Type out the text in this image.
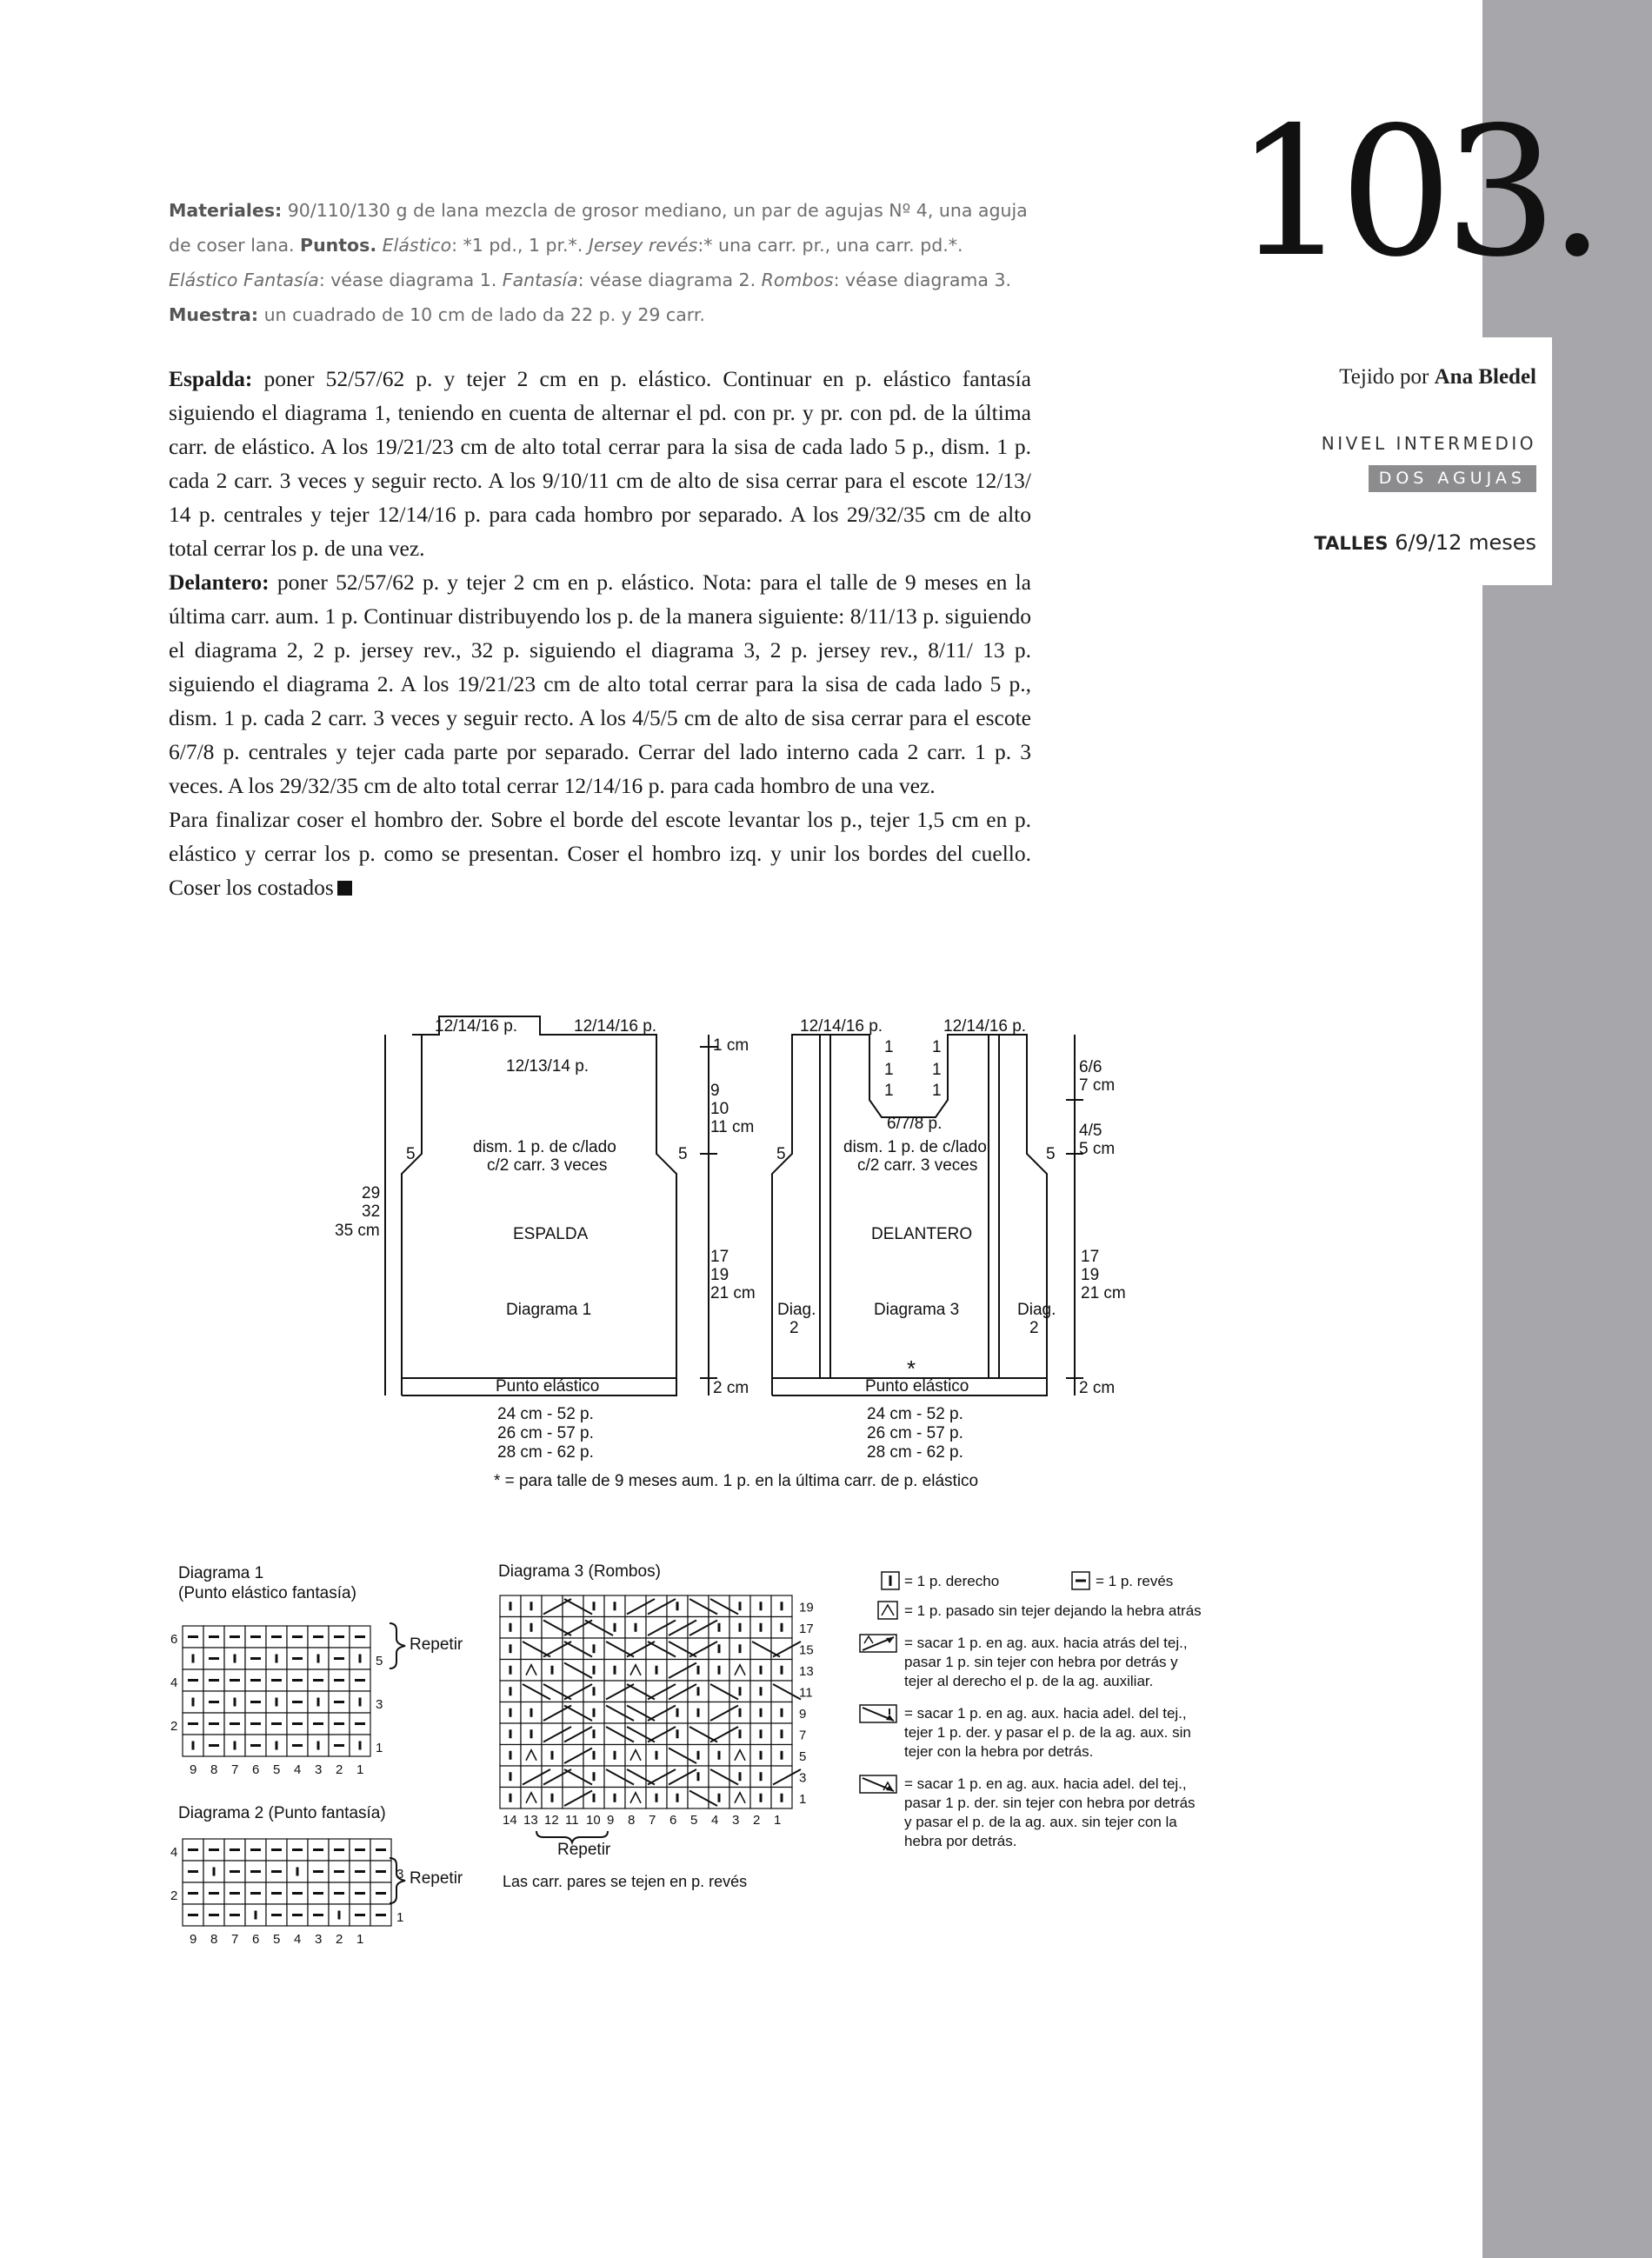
103.
Tejido por Ana Bledel
NIVEL INTERMEDIO
DOS AGUJAS
TALLES 6/9/12 meses
Materiales: 90/110/130 g de lana mezcla de grosor mediano, un par de agujas Nº 4, una aguja de coser lana. Puntos. Elástico: *1 pd., 1 pr.*. Jersey revés:* una carr. pr., una carr. pd.*. Elástico Fantasía: véase diagrama 1. Fantasía: véase diagrama 2. Rombos: véase diagrama 3. Muestra: un cuadrado de 10 cm de lado da 22 p. y 29 carr.
Espalda: poner 52/57/62 p. y tejer 2 cm en p. elástico. Continuar en p. elástico fantasía siguiendo el diagrama 1, teniendo en cuenta de alternar el pd. con pr. y pr. con pd. de la última carr. de elástico. A los 19/21/23 cm de alto total cerrar para la sisa de cada lado 5 p., dism. 1 p. cada 2 carr. 3 veces y seguir recto. A los 9/10/11 cm de alto de sisa cerrar para el escote 12/13/ 14 p. centrales y tejer 12/14/16 p. para cada hombro por separado. A los 29/32/35 cm de alto total cerrar los p. de una vez.
Delantero: poner 52/57/62 p. y tejer 2 cm en p. elástico. Nota: para el talle de 9 meses en la última carr. aum. 1 p. Continuar distribuyendo los p. de la manera siguiente: 8/11/13 p. siguiendo el diagrama 2, 2 p. jersey rev., 32 p. siguiendo el diagrama 3, 2 p. jersey rev., 8/11/ 13 p. siguiendo el diagrama 2. A los 19/21/23 cm de alto total cerrar para la sisa de cada lado 5 p., dism. 1 p. cada 2 carr. 3 veces y seguir recto. A los 4/5/5 cm de alto de sisa cerrar para el escote 6/7/8 p. centrales y tejer cada parte por separado. Cerrar del lado interno cada 2 carr. 1 p. 3 veces. A los 29/32/35 cm de alto total cerrar 12/14/16 p. para cada hombro de una vez.
Para finalizar coser el hombro der. Sobre el borde del escote levantar los p., tejer 1,5 cm en p. elástico y cerrar los p. como se presentan. Coser el hombro izq. y unir los bordes del cuello. Coser los costados
12/14/16 p.	12/14/16 p.
12/13/14 p.
5	5
dism. 1 p. de c/lado
c/2 carr. 3 veces
ESPALDA
Diagrama 1
Punto elástico
29
32
35 cm
1 cm
9
10
11 cm
17
19
21 cm
2 cm
24 cm - 52 p.
26 cm - 57 p.
28 cm - 62 p.
12/14/16 p.	12/14/16 p.
1
1
1
1
1
1
6/7/8 p.
5	5
dism. 1 p. de c/lado
c/2 carr. 3 veces
DELANTERO
Diagrama 3
Diag.
2
Diag.
2
*
Punto elástico
6/6
7 cm
4/5
5 cm
17
19
21 cm
2 cm
24 cm - 52 p.
26 cm - 57 p.
28 cm - 62 p.
* = para talle de 9 meses aum. 1 p. en la última carr. de p. elástico
Diagrama 1
(Punto elástico fantasía)
Repetir
Diagrama 2 (Punto fantasía)
Repetir
Diagrama 3 (Rombos)
Repetir
Las carr. pares se tejen en p. revés
6
4
2
5
3
1
9 8 7 6 5 4 3 2 1
4
2
3
1
9 8 7 6 5 4 3 2 1
19
17
15
13
11
9
7
5
3
1
14 13 12 11 10 9 8 7 6 5 4 3 2 1
= 1 p. derecho	= 1 p. revés
= 1 p. pasado sin tejer dejando la hebra atrás
= sacar 1 p. en ag. aux. hacia atrás del tej.,
pasar 1 p. sin tejer con hebra por detrás y
tejer al derecho el p. de la ag. auxiliar.
= sacar 1 p. en ag. aux. hacia adel. del tej.,
tejer 1 p. der. y pasar el p. de la ag. aux. sin
tejer con la hebra por detrás.
= sacar 1 p. en ag. aux. hacia adel. del tej.,
pasar 1 p. der. sin tejer con hebra por detrás
y pasar el p. de la ag. aux. sin tejer con la
hebra por detrás.
